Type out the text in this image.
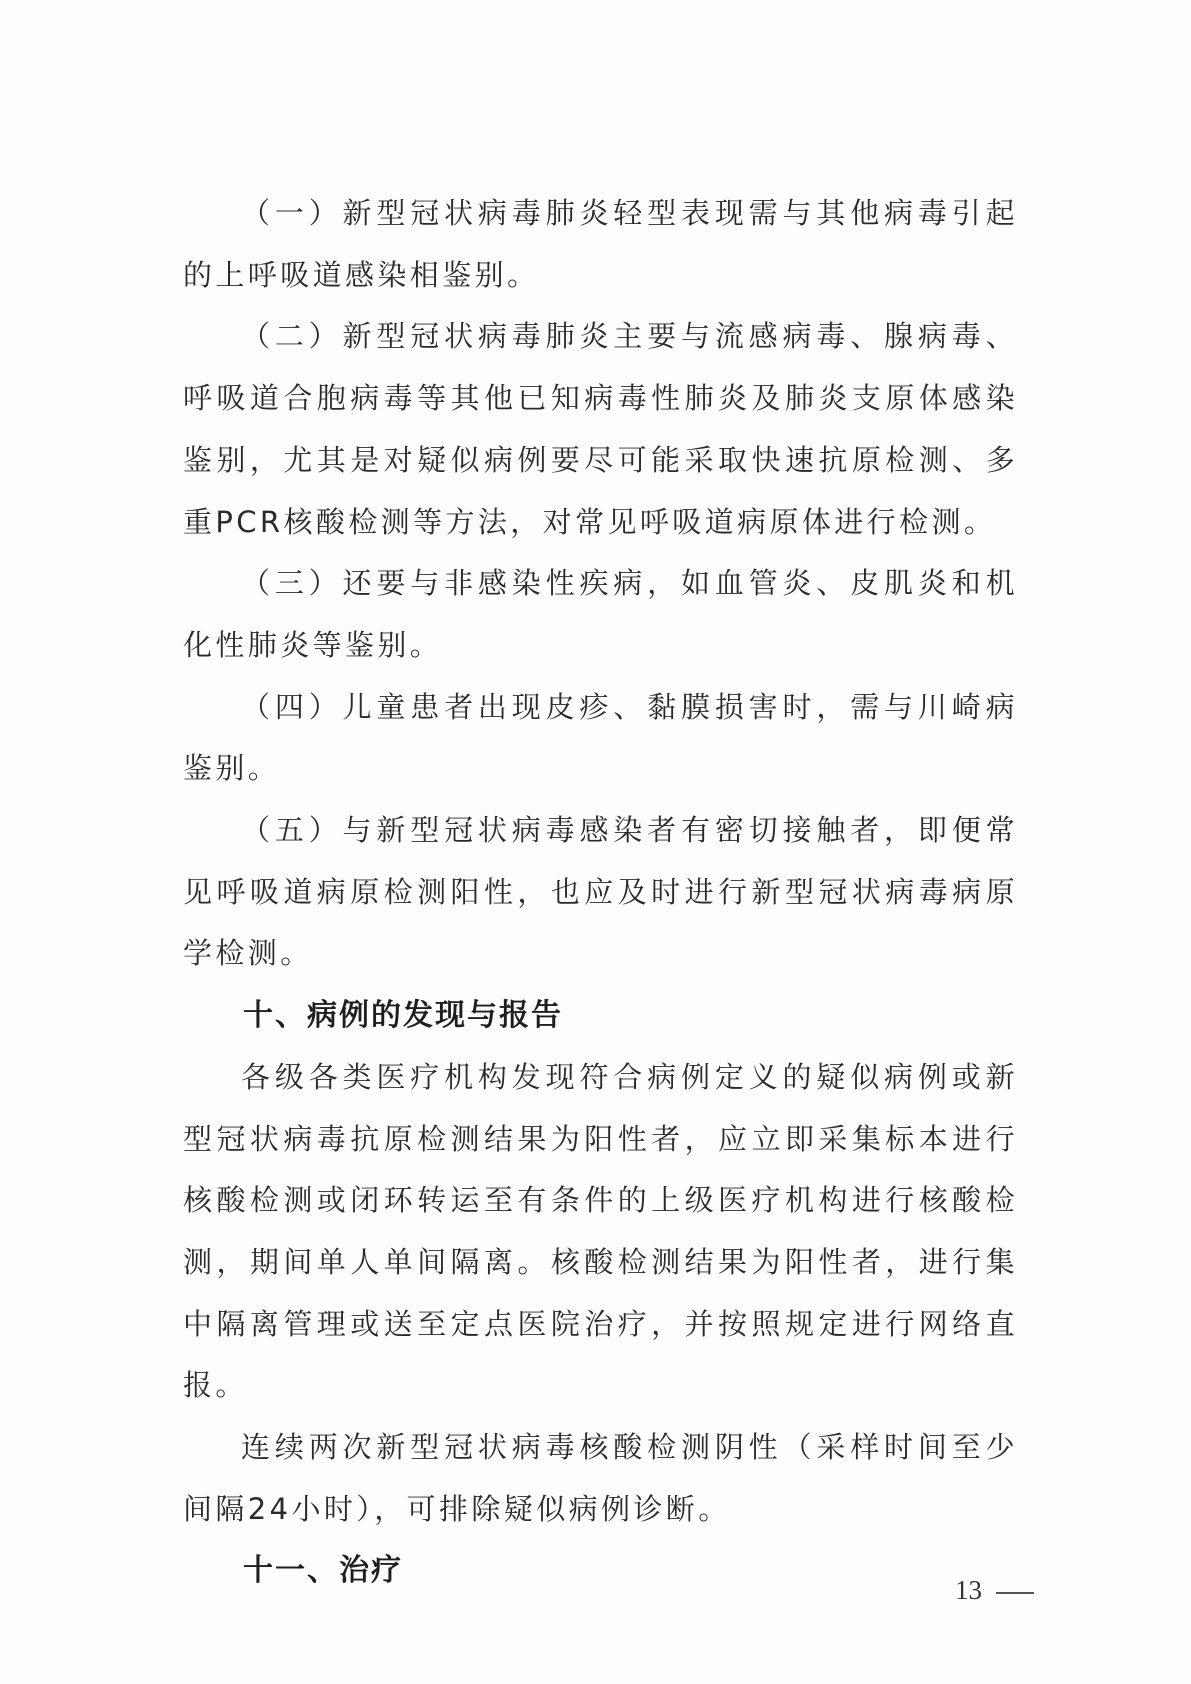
（一）新型冠状病毒肺炎轻型表现需与其他病毒引起的上呼吸道感染相鉴别。

（二）新型冠状病毒肺炎主要与流感病毒、腺病毒、呼吸道合胞病毒等其他已知病毒性肺炎及肺炎支原体感染鉴别，尤其是对疑似病例要尽可能采取快速抗原检测、多重PCR核酸检测等方法，对常见呼吸道病原体进行检测。

（三）还要与非感染性疾病，如血管炎、皮肌炎和机化性肺炎等鉴别。

（四）儿童患者出现皮疹、黏膜损害时，需与川崎病鉴别。

（五）与新型冠状病毒感染者有密切接触者，即便常见呼吸道病原检测阳性，也应及时进行新型冠状病毒病原学检测。

十、病例的发现与报告

各级各类医疗机构发现符合病例定义的疑似病例或新型冠状病毒抗原检测结果为阳性者，应立即采集标本进行核酸检测或闭环转运至有条件的上级医疗机构进行核酸检测，期间单人单间隔离。核酸检测结果为阳性者，进行集中隔离管理或送至定点医院治疗，并按照规定进行网络直报。

连续两次新型冠状病毒核酸检测阴性（采样时间至少间隔24小时），可排除疑似病例诊断。

十一、治疗

13
